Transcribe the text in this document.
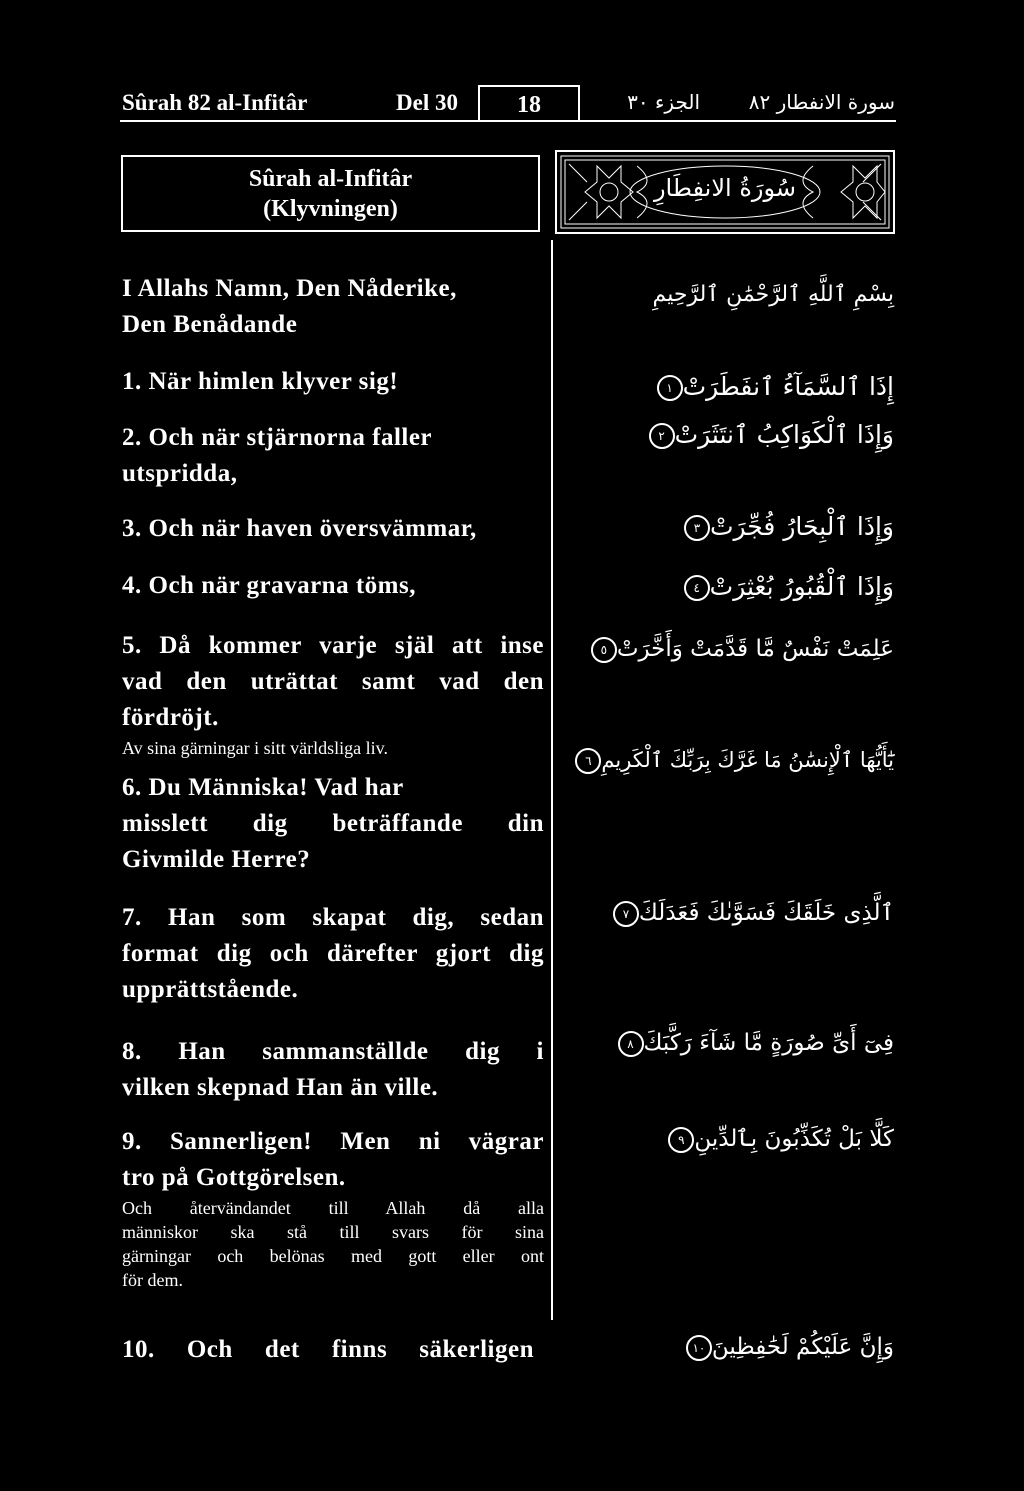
Sûrah 82 al-Infitâr	Del 30	18	الجزء ٣٠	سورة الانفطار ٨٢
Sûrah al-Infitâr
(Klyvningen)
سُورَةُ الانفِطَارِ
I Allahs Namn, Den Nåderike,
Den Benådande
بِسْمِ ٱللَّهِ ٱلرَّحْمَٰنِ ٱلرَّحِيمِ
1. När himlen klyver sig!	إِذَا ٱلسَّمَآءُ ٱنفَطَرَتْ١
2. Och när stjärnorna faller
utspridda,
وَإِذَا ٱلْكَوَاكِبُ ٱنتَثَرَتْ٢
3. Och när haven översvämmar,	وَإِذَا ٱلْبِحَارُ فُجِّرَتْ٣
4. Och när gravarna töms,	وَإِذَا ٱلْقُبُورُ بُعْثِرَتْ٤
5. Då kommer varje själ att inse
vad den uträttat samt vad den
fördröjt.
Av sina gärningar i sitt världsliga liv.
عَلِمَتْ نَفْسٌ مَّا قَدَّمَتْ وَأَخَّرَتْ٥
6. Du Människa! Vad har
misslett dig beträffande din
Givmilde Herre?
يَٰٓأَيُّهَا ٱلْإِنسَٰنُ مَا غَرَّكَ بِرَبِّكَ ٱلْكَرِيمِ٦
7. Han som skapat dig, sedan
format dig och därefter gjort dig
upprättstående.
ٱلَّذِى خَلَقَكَ فَسَوَّىٰكَ فَعَدَلَكَ٧
8. Han sammanställde dig i
vilken skepnad Han än ville.
فِىٓ أَىِّ صُورَةٍ مَّا شَآءَ رَكَّبَكَ٨
9. Sannerligen! Men ni vägrar
tro på Gottgörelsen.
Och återvändandet till Allah då alla
människor ska stå till svars för sina
gärningar och belönas med gott eller ont
för dem.
كَلَّا بَلْ تُكَذِّبُونَ بِٱلدِّينِ٩
10. Och det finns säkerligen	وَإِنَّ عَلَيْكُمْ لَحَٰفِظِينَ١٠
